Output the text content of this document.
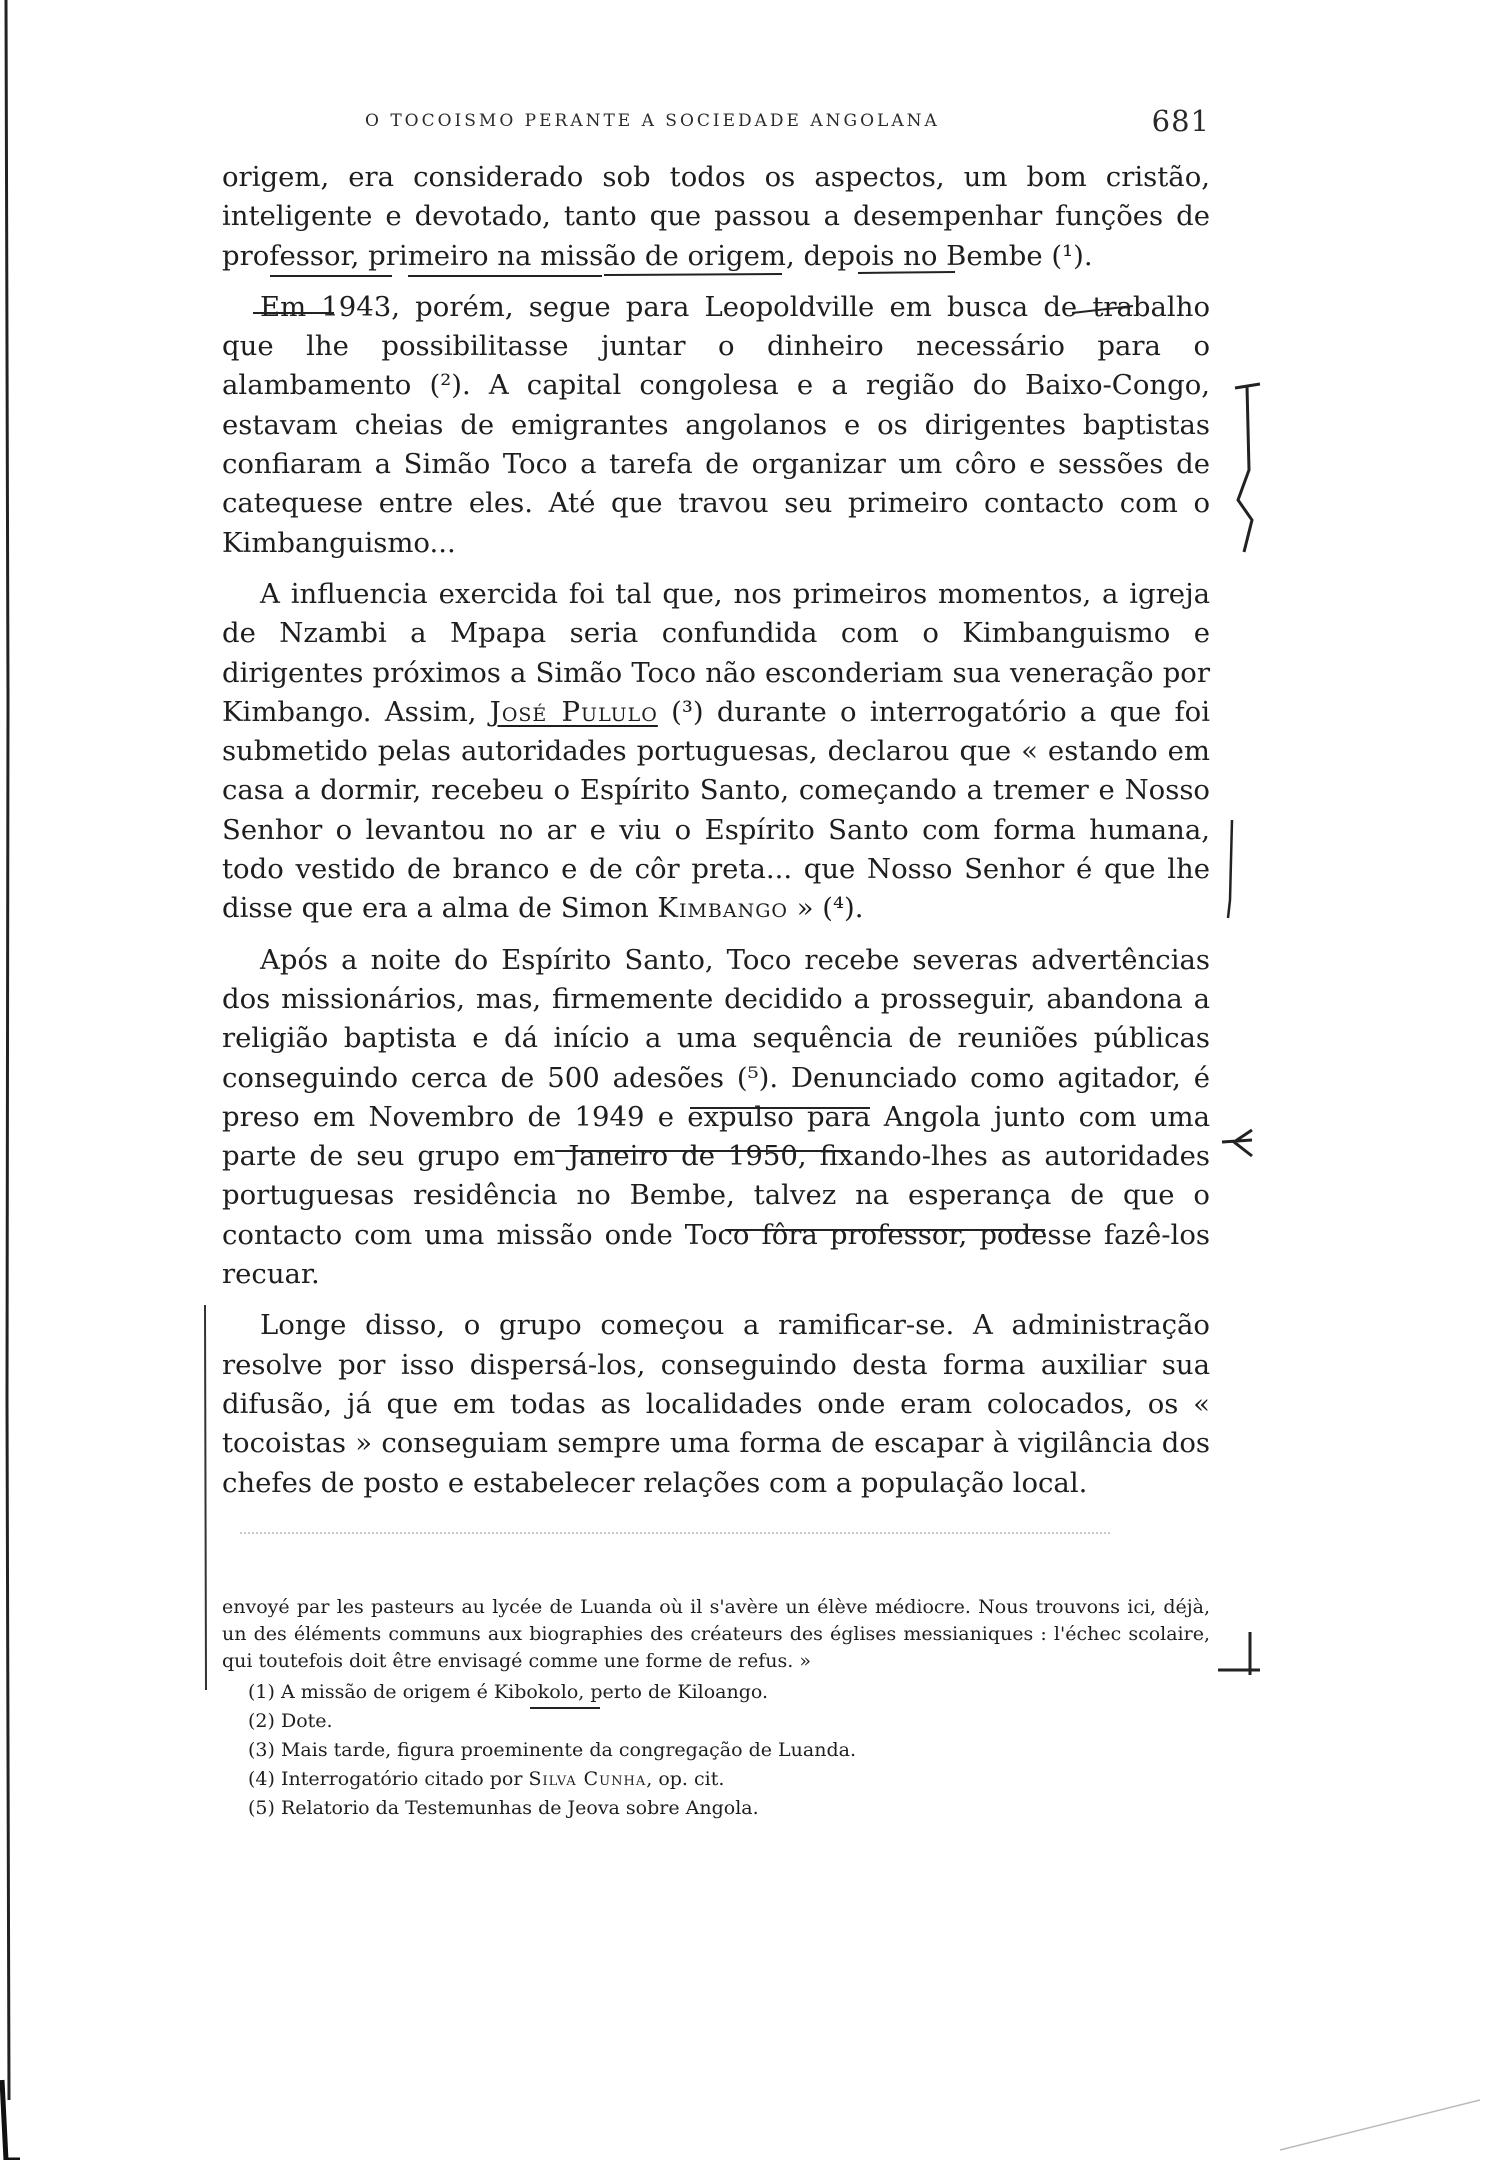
O TOCOISMO PERANTE A SOCIEDADE ANGOLANA	681

origem, era considerado sob todos os aspectos, um bom cristão, inteligente e devotado, tanto que passou a desempenhar funções de professor, primeiro na missão de origem, depois no Bembe (¹).

Em 1943, porém, segue para Leopoldville em busca de trabalho que lhe possibilitasse juntar o dinheiro necessário para o alambamento (²). A capital congolesa e a região do Baixo-Congo, estavam cheias de emigrantes angolanos e os dirigentes baptistas confiaram a Simão Toco a tarefa de organizar um côro e sessões de catequese entre eles. Até que travou seu primeiro contacto com o Kimbanguismo...

A influencia exercida foi tal que, nos primeiros momentos, a igreja de Nzambi a Mpapa seria confundida com o Kimbanguismo e dirigentes próximos a Simão Toco não esconderiam sua veneração por Kimbango. Assim, José Pululo (³) durante o interrogatório a que foi submetido pelas autoridades portuguesas, declarou que « estando em casa a dormir, recebeu o Espírito Santo, começando a tremer e Nosso Senhor o levantou no ar e viu o Espírito Santo com forma humana, todo vestido de branco e de côr preta... que Nosso Senhor é que lhe disse que era a alma de Simon Kimbango » (⁴).

Após a noite do Espírito Santo, Toco recebe severas advertências dos missionários, mas, firmemente decidido a prosseguir, abandona a religião baptista e dá início a uma sequência de reuniões públicas conseguindo cerca de 500 adesões (⁵). Denunciado como agitador, é preso em Novembro de 1949 e expulso para Angola junto com uma parte de seu grupo em Janeiro de 1950, fixando-lhes as autoridades portuguesas residência no Bembe, talvez na esperança de que o contacto com uma missão onde Toco fôra professor, podesse fazê-los recuar.

Longe disso, o grupo começou a ramificar-se. A administração resolve por isso dispersá-los, conseguindo desta forma auxiliar sua difusão, já que em todas as localidades onde eram colocados, os « tocoistas » conseguiam sempre uma forma de escapar à vigilância dos chefes de posto e estabelecer relações com a população local.

envoyé par les pasteurs au lycée de Luanda où il s'avère un élève médiocre. Nous trouvons ici, déjà, un des éléments communs aux biographies des créateurs des églises messianiques : l'échec scolaire, qui toutefois doit être envisagé comme une forme de refus. »

(1) A missão de origem é Kibokolo, perto de Kiloango.

(2) Dote.

(3) Mais tarde, figura proeminente da congregação de Luanda.

(4) Interrogatório citado por Silva Cunha, op. cit.

(5) Relatorio da Testemunhas de Jeova sobre Angola.
